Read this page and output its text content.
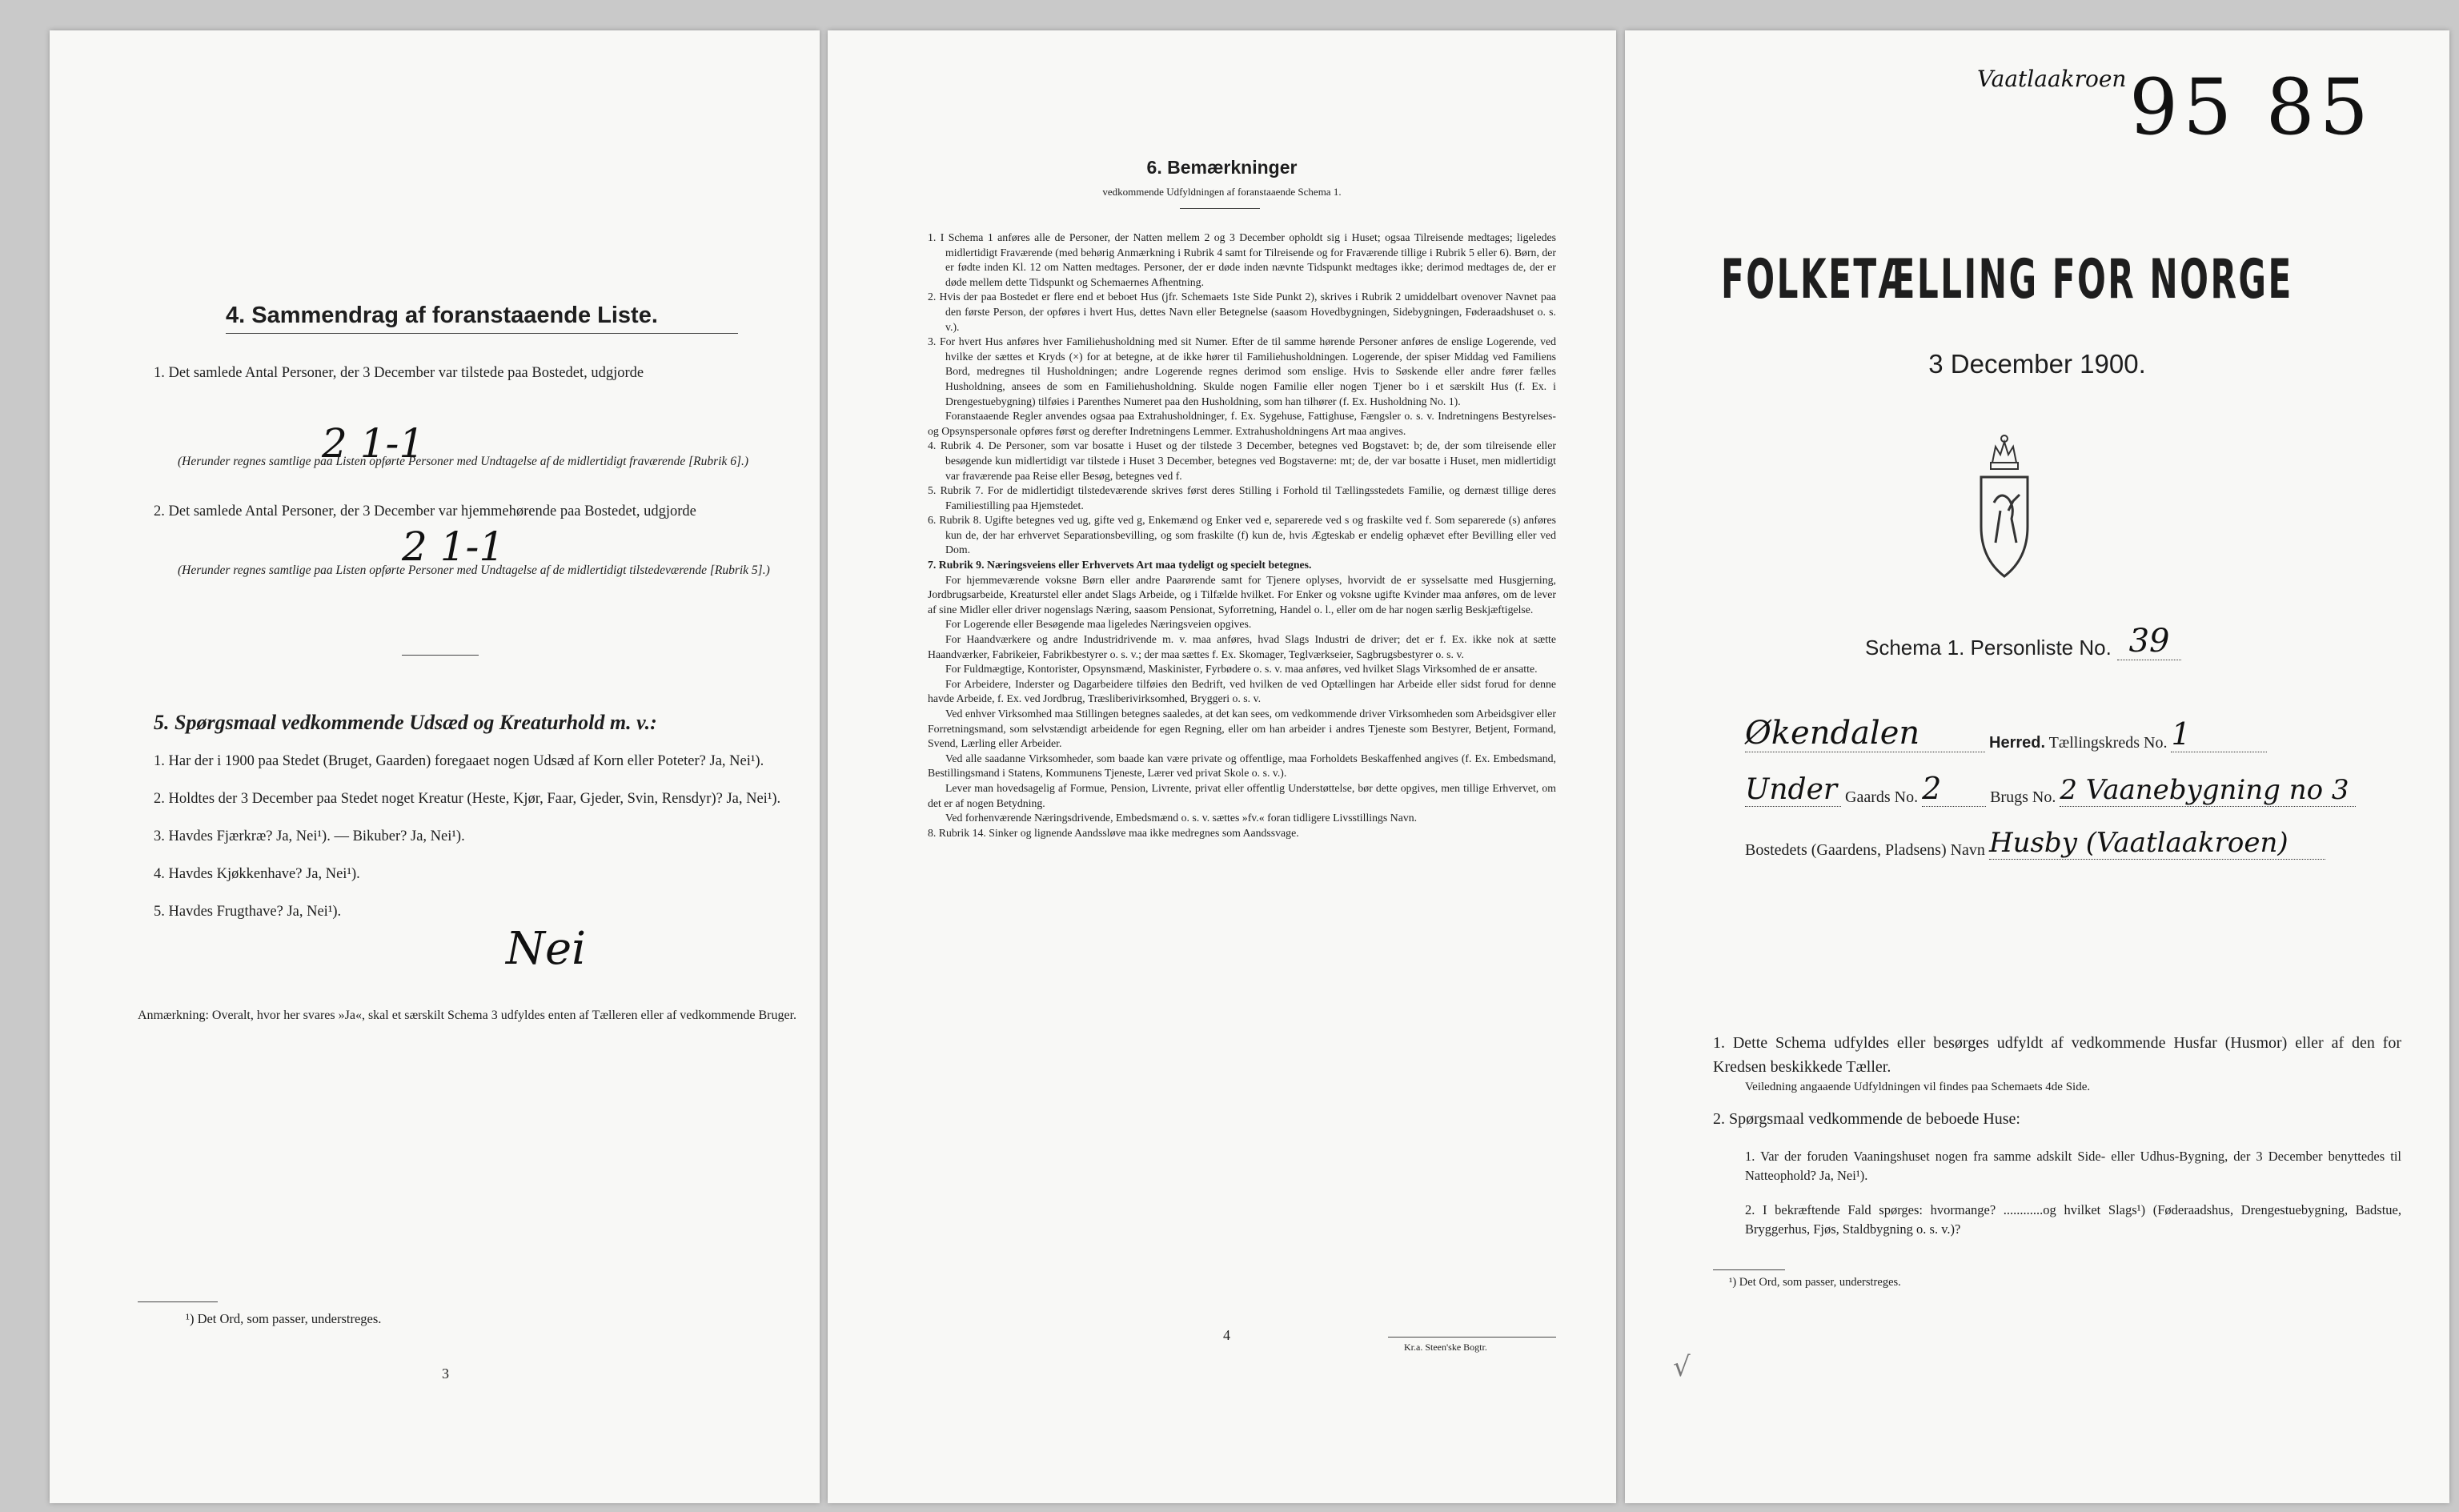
4. Sammendrag af foranstaaende Liste.
1. Det samlede Antal Personer, der 3 December var tilstede paa Bostedet, udgjorde
2 1-1
(Herunder regnes samtlige paa Listen opførte Personer med Undtagelse af de midlertidigt fraværende [Rubrik 6].)
2. Det samlede Antal Personer, der 3 December var hjemmehørende paa Bostedet, udgjorde
2 1-1
(Herunder regnes samtlige paa Listen opførte Personer med Undtagelse af de midlertidigt tilstedeværende [Rubrik 5].)
5. Spørgsmaal vedkommende Udsæd og Kreaturhold m. v.:
1. Har der i 1900 paa Stedet (Bruget, Gaarden) foregaaet nogen Udsæd af Korn eller Poteter? Ja, Nei¹).
2. Holdtes der 3 December paa Stedet noget Kreatur (Heste, Kjør, Faar, Gjeder, Svin, Rensdyr)? Ja, Nei¹).
3. Havdes Fjærkræ? Ja, Nei¹). — Bikuber? Ja, Nei¹).
4. Havdes Kjøkkenhave? Ja, Nei¹).
5. Havdes Frugthave? Ja, Nei¹).
Nei
Anmærkning: Overalt, hvor her svares »Ja«, skal et særskilt Schema 3 udfyldes enten af Tælleren eller af vedkommende Bruger.
¹) Det Ord, som passer, understreges.
3
6. Bemærkninger
vedkommende Udfyldningen af foranstaaende Schema 1.

1. I Schema 1 anføres alle de Personer, der Natten mellem 2 og 3 December opholdt sig i Huset; ogsaa Tilreisende medtages; ligeledes midlertidigt Fraværende (med behørig Anmærkning i Rubrik 4 samt for Tilreisende og for Fraværende tillige i Rubrik 5 eller 6). Børn, der er fødte inden Kl. 12 om Natten medtages. Personer, der er døde inden nævnte Tidspunkt medtages ikke; derimod medtages de, der er døde mellem dette Tidspunkt og Schemaernes Afhentning.

2. Hvis der paa Bostedet er flere end et beboet Hus (jfr. Schemaets 1ste Side Punkt 2), skrives i Rubrik 2 umiddelbart ovenover Navnet paa den første Person, der opføres i hvert Hus, dettes Navn eller Betegnelse (saasom Hovedbygningen, Sidebygningen, Føderaadshuset o. s. v.).

3. For hvert Hus anføres hver Familiehusholdning med sit Numer. Efter de til samme hørende Personer anføres de enslige Logerende, ved hvilke der sættes et Kryds (×) for at betegne, at de ikke hører til Familiehusholdningen. Logerende, der spiser Middag ved Familiens Bord, medregnes til Husholdningen; andre Logerende regnes derimod som enslige. Hvis to Søskende eller andre fører fælles Husholdning, ansees de som en Familiehusholdning. Skulde nogen Familie eller nogen Tjener bo i et særskilt Hus (f. Ex. i Drengestuebygning) tilføies i Parenthes Numeret paa den Husholdning, som han tilhører (f. Ex. Husholdning No. 1).

Foranstaaende Regler anvendes ogsaa paa Extrahusholdninger, f. Ex. Sygehuse, Fattighuse, Fængsler o. s. v. Indretningens Bestyrelses- og Opsynspersonale opføres først og derefter Indretningens Lemmer. Extrahusholdningens Art maa angives.

4. Rubrik 4. De Personer, som var bosatte i Huset og der tilstede 3 December, betegnes ved Bogstavet: b; de, der som tilreisende eller besøgende kun midlertidigt var tilstede i Huset 3 December, betegnes ved Bogstaverne: mt; de, der var bosatte i Huset, men midlertidigt var fraværende paa Reise eller Besøg, betegnes ved f.

5. Rubrik 7. For de midlertidigt tilstedeværende skrives først deres Stilling i Forhold til Tællingsstedets Familie, og dernæst tillige deres Familiestilling paa Hjemstedet.

6. Rubrik 8. Ugifte betegnes ved ug, gifte ved g, Enkemænd og Enker ved e, separerede ved s og fraskilte ved f. Som separerede (s) anføres kun de, der har erhvervet Separationsbevilling, og som fraskilte (f) kun de, hvis Ægteskab er endelig ophævet efter Bevilling eller ved Dom.

7. Rubrik 9. Næringsveiens eller Erhvervets Art maa tydeligt og specielt betegnes.

For hjemmeværende voksne Børn eller andre Paarørende samt for Tjenere oplyses, hvorvidt de er sysselsatte med Husgjerning, Jordbrugsarbeide, Kreaturstel eller andet Slags Arbeide, og i Tilfælde hvilket. For Enker og voksne ugifte Kvinder maa anføres, om de lever af sine Midler eller driver nogenslags Næring, saasom Pensionat, Syforretning, Handel o. l., eller om de har nogen særlig Beskjæftigelse.

For Logerende eller Besøgende maa ligeledes Næringsveien opgives.

For Haandværkere og andre Industridrivende m. v. maa anføres, hvad Slags Industri de driver; det er f. Ex. ikke nok at sætte Haandværker, Fabrikeier, Fabrikbestyrer o. s. v.; der maa sættes f. Ex. Skomager, Teglværkseier, Sagbrugsbestyrer o. s. v.

For Fuldmægtige, Kontorister, Opsynsmænd, Maskinister, Fyrbødere o. s. v. maa anføres, ved hvilket Slags Virksomhed de er ansatte.

For Arbeidere, Inderster og Dagarbeidere tilføies den Bedrift, ved hvilken de ved Optællingen har Arbeide eller sidst forud for denne havde Arbeide, f. Ex. ved Jordbrug, Træsliberivirksomhed, Bryggeri o. s. v.

Ved enhver Virksomhed maa Stillingen betegnes saaledes, at det kan sees, om vedkommende driver Virksomheden som Arbeidsgiver eller Forretningsmand, som selvstændigt arbeidende for egen Regning, eller om han arbeider i andres Tjeneste som Bestyrer, Betjent, Formand, Svend, Lærling eller Arbeider.

Ved alle saadanne Virksomheder, som baade kan være private og offentlige, maa Forholdets Beskaffenhed angives (f. Ex. Embedsmand, Bestillingsmand i Statens, Kommunens Tjeneste, Lærer ved privat Skole o. s. v.).

Lever man hovedsagelig af Formue, Pension, Livrente, privat eller offentlig Understøttelse, bør dette opgives, men tillige Erhvervet, om det er af nogen Betydning.

Ved forhenværende Næringsdrivende, Embedsmænd o. s. v. sættes »fv.« foran tidligere Livsstillings Navn.

8. Rubrik 14. Sinker og lignende Aandssløve maa ikke medregnes som Aandssvage.

4
Kr.a. Steen'ske Bogtr.
Vaatlaakroen 95 85
FOLKETÆLLING FOR NORGE
3 December 1900.
Schema 1. Personliste No. 39
Økendalen	Herred. Tællingskreds No. 1
Under Gaards No. 2	Brugs No. 2 Vaanebygning no 3
Bostedets (Gaardens, Pladsens) Navn Husby (Vaatlaakroen)
1. Dette Schema udfyldes eller besørges udfyldt af vedkommende Husfar (Husmor) eller af den for Kredsen beskikkede Tæller.
Veiledning angaaende Udfyldningen vil findes paa Schemaets 4de Side.
2. Spørgsmaal vedkommende de beboede Huse:
1. Var der foruden Vaaningshuset nogen fra samme adskilt Side- eller Udhus-Bygning, der 3 December benyttedes til Natteophold? Ja, Nei¹).
2. I bekræftende Fald spørges: hvormange? ............og hvilket Slags¹) (Føderaadshus, Drengestuebygning, Badstue, Bryggerhus, Fjøs, Staldbygning o. s. v.)?
¹) Det Ord, som passer, understreges.
√
